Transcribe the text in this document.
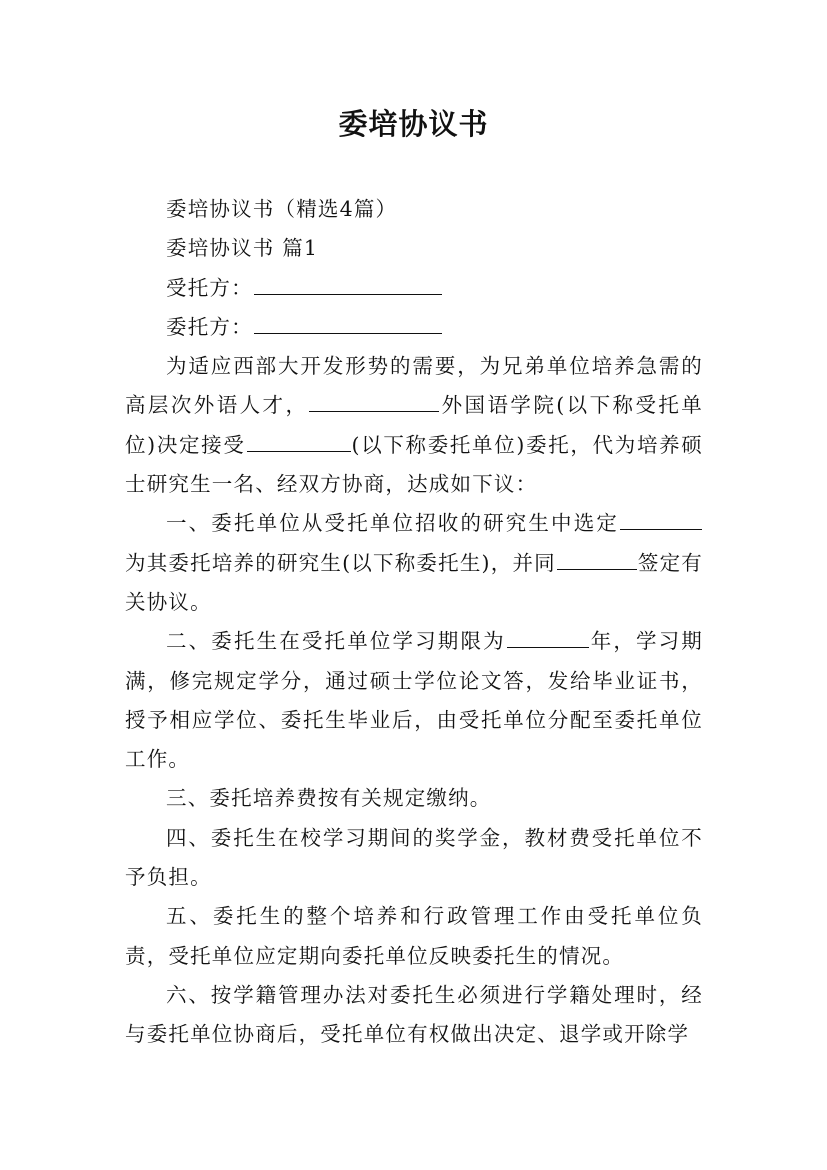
委培协议书

委培协议书（精选4篇）

委培协议书 篇1

受托方：

委托方：

为适应西部大开发形势的需要，为兄弟单位培养急需的高层次外语人才，	外国语学院(以下称受托单位)决定接受	(以下称委托单位)委托，代为培养硕士研究生一名、经双方协商，达成如下议：

一、委托单位从受托单位招收的研究生中选定为其委托培养的研究生(以下称委托生)，并同	签定有关协议。

二、委托生在受托单位学习期限为	年，学习期满，修完规定学分，通过硕士学位论文答，发给毕业证书，授予相应学位、委托生毕业后，由受托单位分配至委托单位工作。

三、委托培养费按有关规定缴纳。

四、委托生在校学习期间的奖学金，教材费受托单位不予负担。

五、委托生的整个培养和行政管理工作由受托单位负责，受托单位应定期向委托单位反映委托生的情况。

六、按学籍管理办法对委托生必须进行学籍处理时，经与委托单位协商后，受托单位有权做出决定、退学或开除学
